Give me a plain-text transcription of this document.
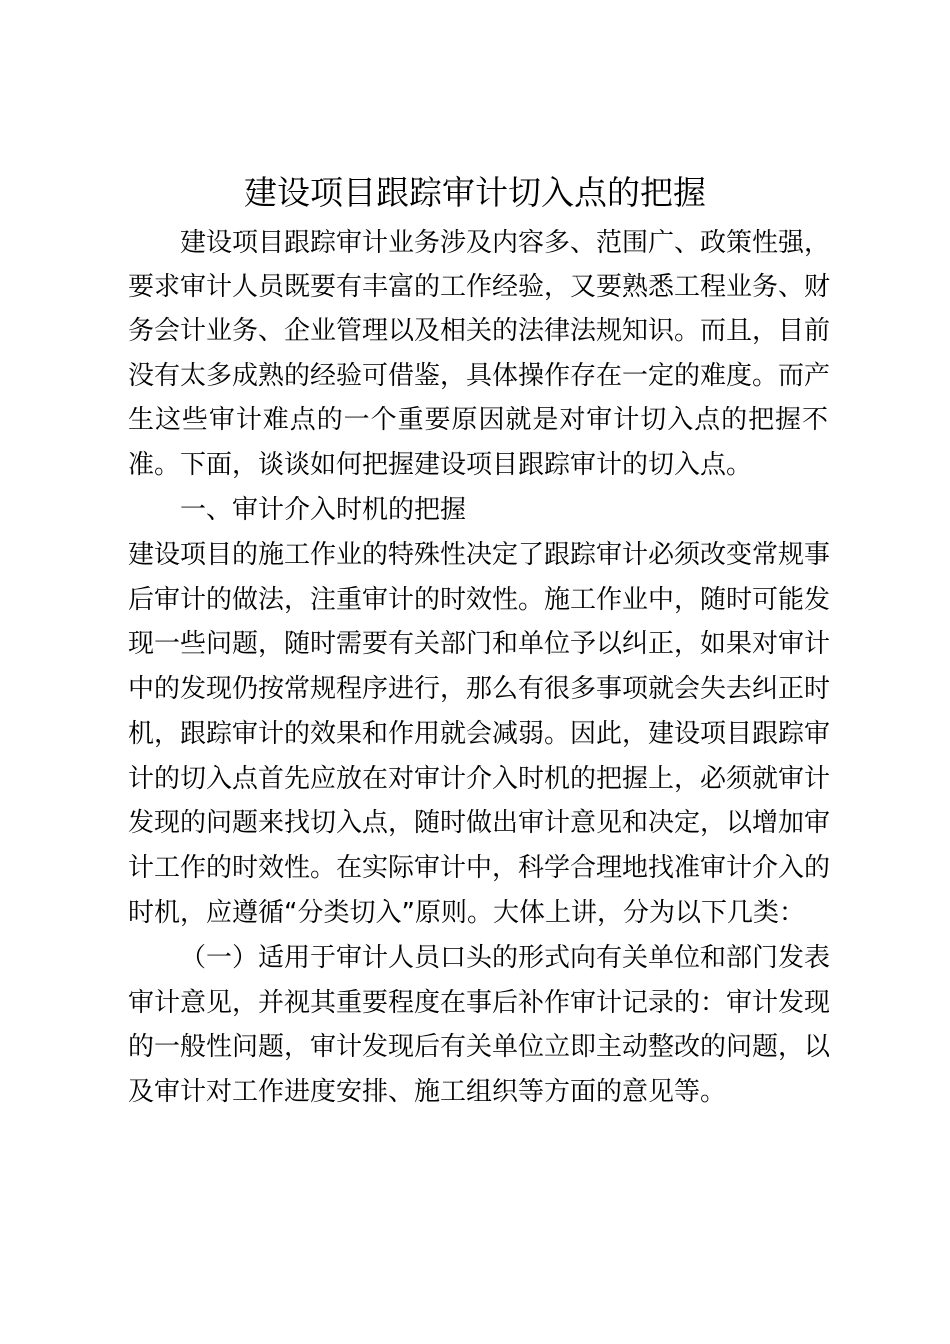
建设项目跟踪审计切入点的把握
建设项目跟踪审计业务涉及内容多、范围广、政策性强，
要求审计人员既要有丰富的工作经验，又要熟悉工程业务、财
务会计业务、企业管理以及相关的法律法规知识。而且，目前
没有太多成熟的经验可借鉴，具体操作存在一定的难度。而产
生这些审计难点的一个重要原因就是对审计切入点的把握不
准。下面，谈谈如何把握建设项目跟踪审计的切入点。
一、审计介入时机的把握
建设项目的施工作业的特殊性决定了跟踪审计必须改变常规事
后审计的做法，注重审计的时效性。施工作业中，随时可能发
现一些问题，随时需要有关部门和单位予以纠正，如果对审计
中的发现仍按常规程序进行，那么有很多事项就会失去纠正时
机，跟踪审计的效果和作用就会减弱。因此，建设项目跟踪审
计的切入点首先应放在对审计介入时机的把握上，必须就审计
发现的问题来找切入点，随时做出审计意见和决定，以增加审
计工作的时效性。在实际审计中，科学合理地找准审计介入的
时机，应遵循“分类切入”原则。大体上讲，分为以下几类：
（一）适用于审计人员口头的形式向有关单位和部门发表
审计意见，并视其重要程度在事后补作审计记录的：审计发现
的一般性问题，审计发现后有关单位立即主动整改的问题，以
及审计对工作进度安排、施工组织等方面的意见等。
